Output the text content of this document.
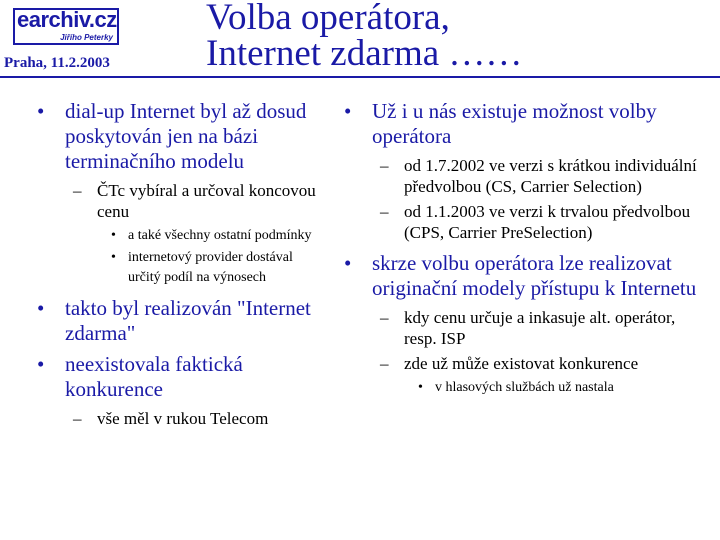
earchiv.cz
Jiřího Peterky
Praha, 11.2.2003
Volba operátora,
Internet zdarma ……
• dial-up Internet byl až dosud poskytován jen na bázi terminačního modelu
– ČTc vybíral a určoval koncovou cenu
• a také všechny ostatní podmínky
• internetový provider dostával určitý podíl na výnosech
• takto byl realizován "Internet zdarma"
• neexistovala faktická konkurence
– vše měl v rukou Telecom
• Už i u nás existuje možnost volby operátora
– od 1.7.2002 ve verzi s krátkou individuální předvolbou (CS, Carrier Selection)
– od 1.1.2003 ve verzi k trvalou předvolbou (CPS, Carrier PreSelection)
• skrze volbu operátora lze realizovat originační modely přístupu k Internetu
– kdy cenu určuje a inkasuje alt. operátor, resp. ISP
– zde už může existovat konkurence
• v hlasových službách už nastala
